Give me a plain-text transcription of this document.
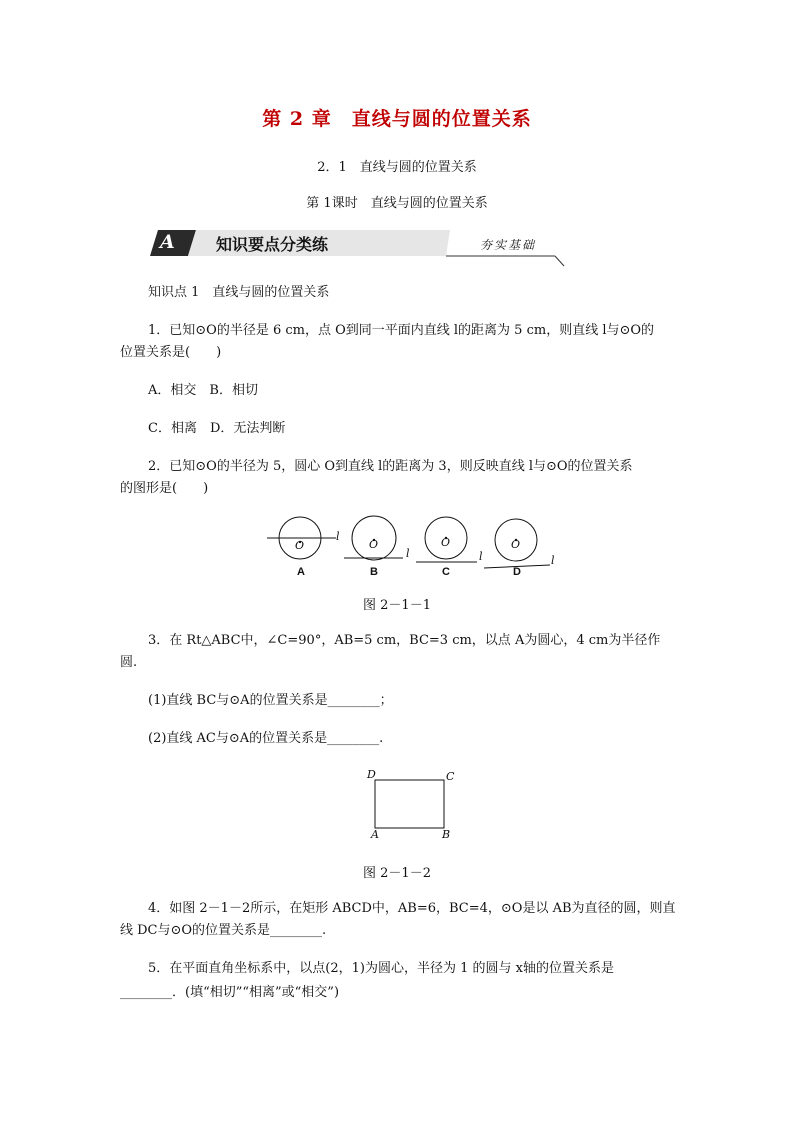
第 2 章　直线与圆的位置关系
2．1　直线与圆的位置关系
第 1课时　直线与圆的位置关系
A	知识要点分类练	夯实基础
知识点 1　直线与圆的位置关系
1．已知⊙O的半径是 6 cm，点 O到同一平面内直线 l的距离为 5 cm，则直线 l与⊙O的
位置关系是(　　)
A．相交　B．相切
C．相离　D．无法判断
2．已知⊙O的半径为 5，圆心 O到直线 l的距离为 3，则反映直线 l与⊙O的位置关系
的图形是(　　)
O	O	O	O
l
l	l	l
A	B	C	D
图 2－1－1
3．在 Rt△ABC中，∠C=90°，AB=5 cm，BC=3 cm，以点 A为圆心，4 cm为半径作
圆.
(1)直线 BC与⊙A的位置关系是________；
(2)直线 AC与⊙A的位置关系是________.
D	C
A	B
图 2－1－2
4．如图 2－1－2所示，在矩形 ABCD中，AB=6，BC=4，⊙O是以 AB为直径的圆，则直
线 DC与⊙O的位置关系是________.
5．在平面直角坐标系中，以点(2，1)为圆心，半径为 1 的圆与 x轴的位置关系是
________．(填“相切”“相离”或“相交”)
